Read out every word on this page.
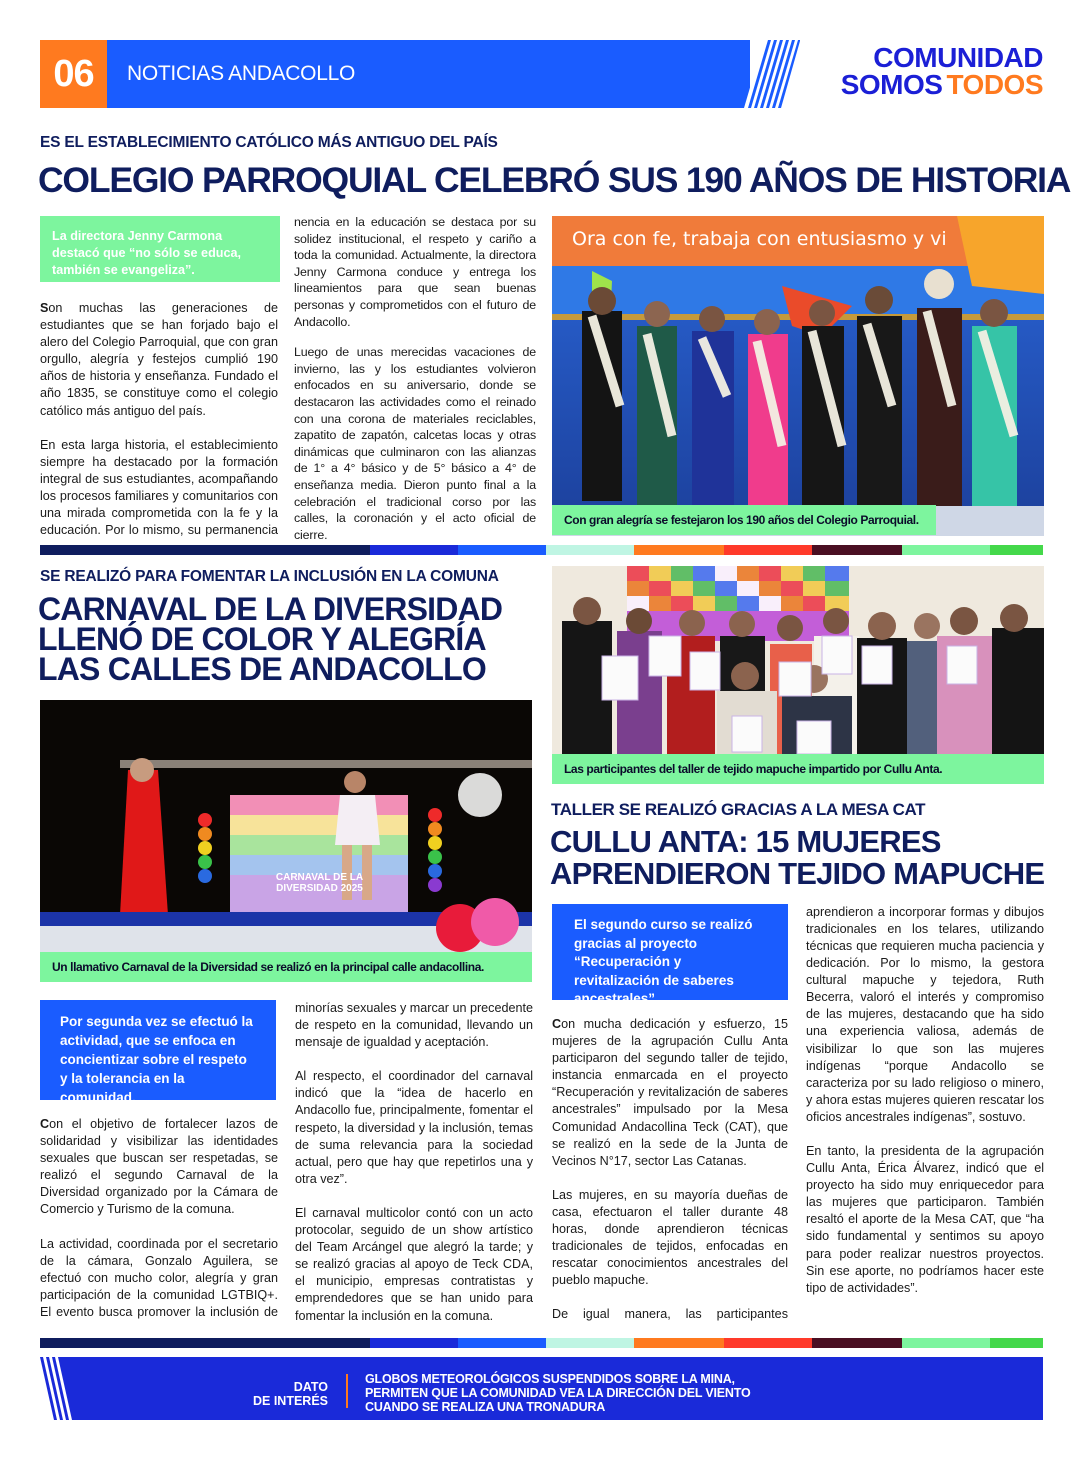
06	NOTICIAS ANDACOLLO
COMUNIDAD
SOMOS TODOS
ES EL ESTABLECIMIENTO CATÓLICO MÁS ANTIGUO DEL PAÍS
COLEGIO PARROQUIAL CELEBRÓ SUS 190 AÑOS DE HISTORIA
La directora Jenny Carmona destacó que “no sólo se educa, también se evangeliza”.

Son muchas las generaciones de estudiantes que se han forjado bajo el alero del Colegio Parroquial, que con gran orgullo, alegría y festejos cumplió 190 años de historia y enseñanza. Fundado el año 1835, se constituye como el colegio católico más antiguo del país.

En esta larga historia, el establecimiento siempre ha destacado por la formación integral de sus estudiantes, acompañando los procesos familiares y comunitarios con una mirada comprometida con la fe y la educación. Por lo mismo, su permanencia

nencia en la educación se destaca por su solidez institucional, el respeto y cariño a toda la comunidad. Actualmente, la directora Jenny Carmona conduce y entrega los lineamientos para que sean buenas personas y comprometidos con el futuro de Andacollo.

Luego de unas merecidas vacaciones de invierno, las y los estudiantes volvieron enfocados en su aniversario, donde se destacaron las actividades como el reinado con una corona de materiales reciclables, zapatito de zapatón, calcetas locas y otras dinámicas que culminaron con las alianzas de 1° a 4° básico y de 5° básico a 4° de enseñanza media. Dieron punto final a la celebración el tradicional corso por las calles, la coronación y el acto oficial de cierre.

Ora con fe, trabaja con entusiasmo y vi
Con gran alegría se festejaron los 190 años del Colegio Parroquial.
SE REALIZÓ PARA FOMENTAR LA INCLUSIÓN EN LA COMUNA
CARNAVAL DE LA DIVERSIDAD
LLENÓ DE COLOR Y ALEGRÍA
LAS CALLES DE ANDACOLLO
CARNAVAL DE LA DIVERSIDAD 2025
Un llamativo Carnaval de la Diversidad se realizó en la principal calle andacollina.
Por segunda vez se efectuó la actividad, que se enfoca en concientizar sobre el respeto y la tolerancia en la comunidad.

Con el objetivo de fortalecer lazos de solidaridad y visibilizar las identidades sexuales que buscan ser respetadas, se realizó el segundo Carnaval de la Diversidad organizado por la Cámara de Comercio y Turismo de la comuna.

La actividad, coordinada por el secretario de la cámara, Gonzalo Aguilera, se efectuó con mucho color, alegría y gran participación de la comunidad LGTBIQ+. El evento busca promover la inclusión de

minorías sexuales y marcar un precedente de respeto en la comunidad, llevando un mensaje de igualdad y aceptación.

Al respecto, el coordinador del carnaval indicó que la “idea de hacerlo en Andacollo fue, principalmente, fomentar el respeto, la diversidad y la inclusión, temas de suma relevancia para la sociedad actual, pero que hay que repetirlos una y otra vez”.

El carnaval multicolor contó con un acto protocolar, seguido de un show artístico del Team Arcángel que alegró la tarde; y se realizó gracias al apoyo de Teck CDA, el municipio, empresas contratistas y emprendedores que se han unido para fomentar la inclusión en la comuna.

Las participantes del taller de tejido mapuche impartido por Cullu Anta.
TALLER SE REALIZÓ GRACIAS A LA MESA CAT
CULLU ANTA: 15 MUJERES
APRENDIERON TEJIDO MAPUCHE
El segundo curso se realizó gracias al proyecto “Recuperación y revitalización de saberes ancestrales”.

Con mucha dedicación y esfuerzo, 15 mujeres de la agrupación Cullu Anta participaron del segundo taller de tejido, instancia enmarcada en el proyecto “Recuperación y revitalización de saberes ancestrales” impulsado por la Mesa Comunidad Andacollina Teck (CAT), que se realizó en la sede de la Junta de Vecinos N°17, sector Las Catanas.

Las mujeres, en su mayoría dueñas de casa, efectuaron el taller durante 48 horas, donde aprendieron técnicas tradicionales de tejidos, enfocadas en rescatar conocimientos ancestrales del pueblo mapuche.

De igual manera, las participantes

aprendieron a incorporar formas y dibujos tradicionales en los telares, utilizando técnicas que requieren mucha paciencia y dedicación. Por lo mismo, la gestora cultural mapuche y tejedora, Ruth Becerra, valoró el interés y compromiso de las mujeres, destacando que ha sido una experiencia valiosa, además de visibilizar lo que son las mujeres indígenas “porque Andacollo se caracteriza por su lado religioso o minero, y ahora estas mujeres quieren rescatar los oficios ancestrales indígenas”, sostuvo.

En tanto, la presidenta de la agrupación Cullu Anta, Érica Álvarez, indicó que el proyecto ha sido muy enriquecedor para las mujeres que participaron. También resaltó el aporte de la Mesa CAT, que “ha sido fundamental y sentimos su apoyo para poder realizar nuestros proyectos. Sin ese aporte, no podríamos hacer este tipo de actividades”.

DATO
DE INTERÉS
GLOBOS METEOROLÓGICOS SUSPENDIDOS SOBRE LA MINA,
PERMITEN QUE LA COMUNIDAD VEA LA DIRECCIÓN DEL VIENTO
CUANDO SE REALIZA UNA TRONADURA
